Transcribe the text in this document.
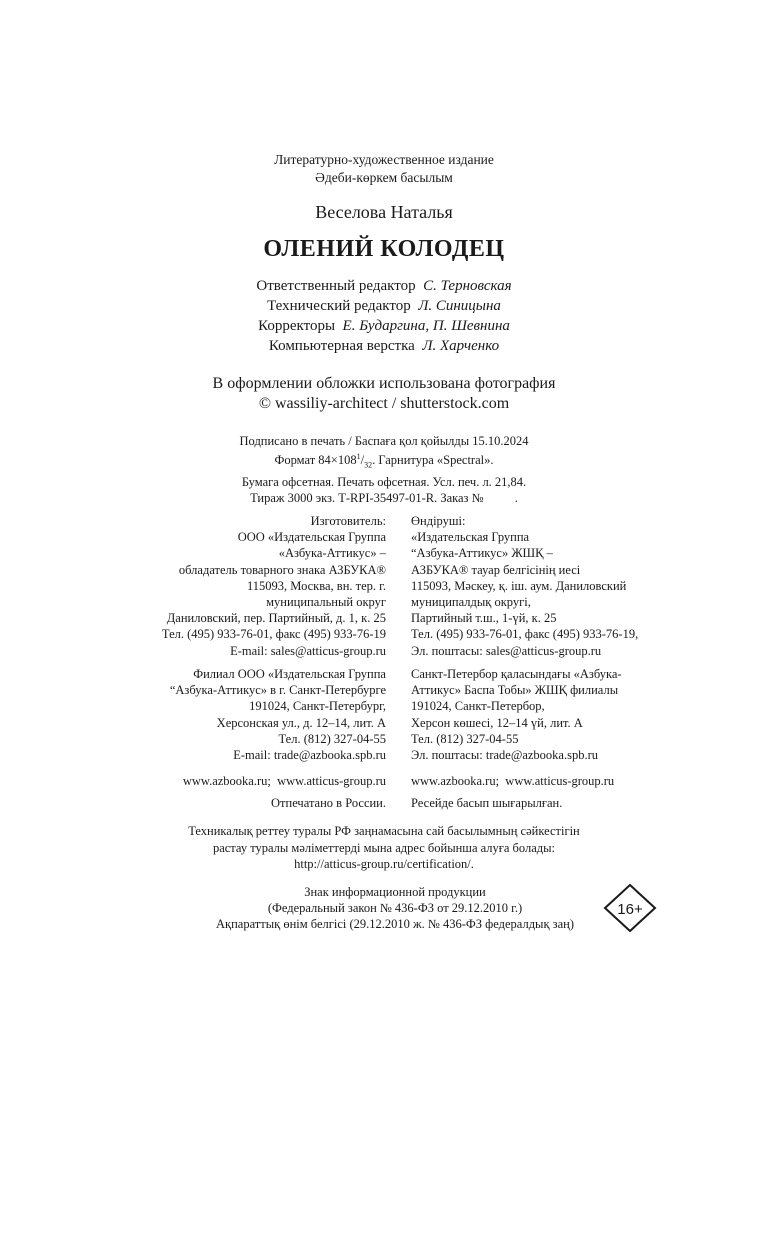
Литературно-художественное издание
Әдеби-көркем басылым
Веселова Наталья
ОЛЕНИЙ КОЛОДЕЦ
Ответственный редактор С. Терновская
Технический редактор Л. Синицына
Корректоры Е. Бударгина, П. Шевнина
Компьютерная верстка Л. Харченко
В оформлении обложки использована фотография
© wassiliy-architect / shutterstock.com
Подписано в печать / Баспаға қол қойылды 15.10.2024
Формат $84\times 108^1/_{32}$. Гарнитура «Spectral».
Бумага офсетная. Печать офсетная. Усл. печ. л. 21,84.
Тираж 3000 экз. Т-RPI-35497-01-R. Заказ №          .
Изготовитель:
ООО «Издательская Группа
«Азбука-Аттикус» –
обладатель товарного знака АЗБУКА®
115093, Москва, вн. тер. г.
муниципальный округ
Даниловский, пер. Партийный, д. 1, к. 25
Тел. (495) 933-76-01, факс (495) 933-76-19
E-mail: sales@atticus-group.ru
Филиал ООО «Издательская Группа
“Азбука-Аттикус» в г. Санкт-Петербурге
191024, Санкт-Петербург,
Херсонская ул., д. 12–14, лит. А
Тел. (812) 327-04-55
E-mail: trade@azbooka.spb.ru
www.azbooka.ru;  www.atticus-group.ru
Отпечатано в России.
Өндіруші:
«Издательская Группа
“Азбука-Аттикус» ЖШҚ –
АЗБУКА® тауар белгісінің иесі
115093, Мәскеу, қ. іш. аум. Даниловский
муниципалдық округі,
Партийный т.ш., 1-үй, к. 25
Тел. (495) 933-76-01, факс (495) 933-76-19,
Эл. поштасы: sales@atticus-group.ru
Санкт-Петербор қаласындағы «Азбука-
Аттикус» Баспа Тобы» ЖШҚ филиалы
191024, Санкт-Петербор,
Херсон көшесі, 12–14 үй, лит. А
Тел. (812) 327-04-55
Эл. поштасы: trade@azbooka.spb.ru
www.azbooka.ru;  www.atticus-group.ru
Ресейде басып шығарылған.
Техникалық реттеу туралы РФ заңнамасына сай басылымның сәйкестігін
растау туралы мәліметтерді мына адрес бойынша алуға болады:
http://atticus-group.ru/certification/.
Знак информационной продукции
(Федеральный закон № 436-ФЗ от 29.12.2010 г.)
Ақпараттық өнім белгісі (29.12.2010 ж. № 436-ФЗ федералдық заң)
16+
